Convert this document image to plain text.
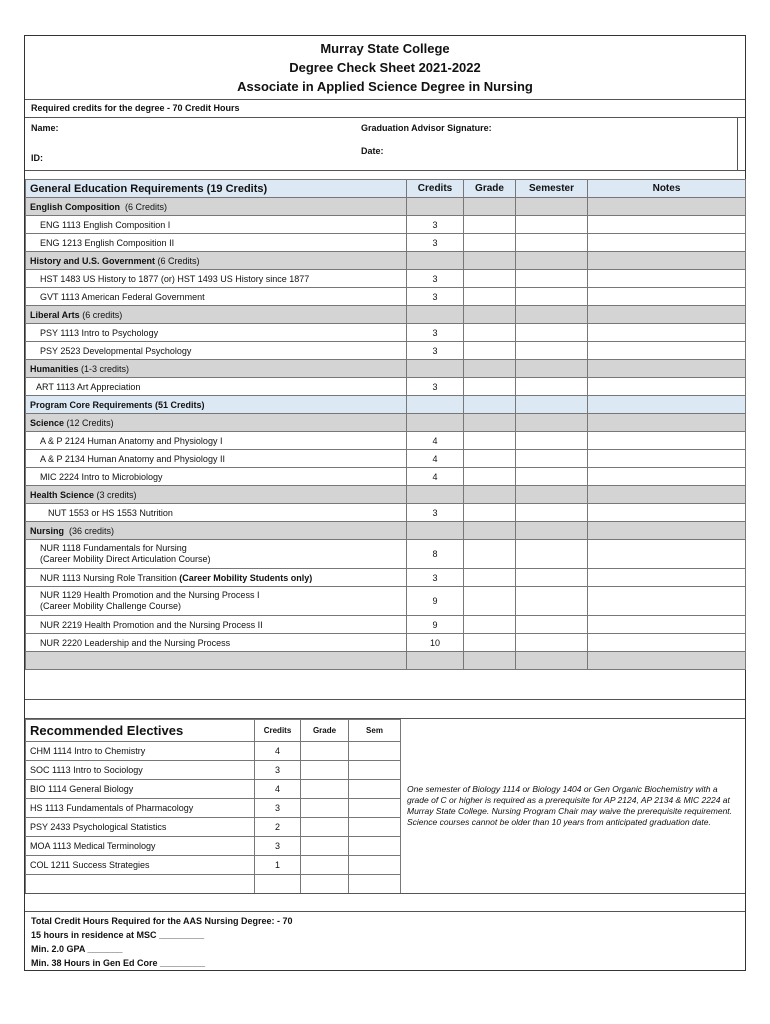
Murray State College
Degree Check Sheet 2021-2022
Associate in Applied Science Degree in Nursing
Required credits for the degree - 70 Credit Hours
Name:
ID:
Graduation Advisor Signature:
Date:
General Education Requirements (19 Credits)	Credits	Grade	Semester	Notes
English Composition (6 Credits)				
ENG 1113 English Composition I	3			
ENG 1213 English Composition II	3			
History and U.S. Government (6 Credits)				
HST 1483 US History to 1877 (or) HST 1493 US History since 1877	3			
GVT 1113 American Federal Government	3			
Liberal Arts (6 credits)				
PSY 1113 Intro to Psychology	3			
PSY 2523 Developmental Psychology	3			
Humanities (1-3 credits)				
ART 1113 Art Appreciation	3			
Program Core Requirements (51 Credits)				
Science (12 Credits)				
A & P 2124 Human Anatomy and Physiology I	4			
A & P 2134 Human Anatomy and Physiology II	4			
MIC 2224 Intro to Microbiology	4			
Health Science (3 credits)				
NUT 1553 or HS 1553 Nutrition	3			
Nursing (36 credits)				
NUR 1118 Fundamentals for Nursing
(Career Mobility Direct Articulation Course)	8			
NUR 1113 Nursing Role Transition (Career Mobility Students only)	3			
NUR 1129 Health Promotion and the Nursing Process I
(Career Mobility Challenge Course)	9			
NUR 2219 Health Promotion and the Nursing Process II	9			
NUR 2220 Leadership and the Nursing Process	10			

Recommended Electives	Credits	Grade	Sem
CHM 1114 Intro to Chemistry	4		
SOC 1113 Intro to Sociology	3		
BIO 1114 General Biology	4		
HS 1113 Fundamentals of Pharmacology	3		
PSY 2433 Psychological Statistics	2		
MOA 1113 Medical Terminology	3		
COL 1211 Success Strategies	1		

One semester of Biology 1114 or Biology 1404 or Gen Organic Biochemistry with a grade of C or higher is required as a prerequisite for AP 2124, AP 2134 & MIC 2224 at Murray State College. Nursing Program Chair may waive the prerequisite requirement. Science courses cannot be older than 10 years from anticipated graduation date.
Total Credit Hours Required for the AAS Nursing Degree: - 70
15 hours in residence at MSC _________
Min. 2.0 GPA _______
Min. 38 Hours in Gen Ed Core _________
